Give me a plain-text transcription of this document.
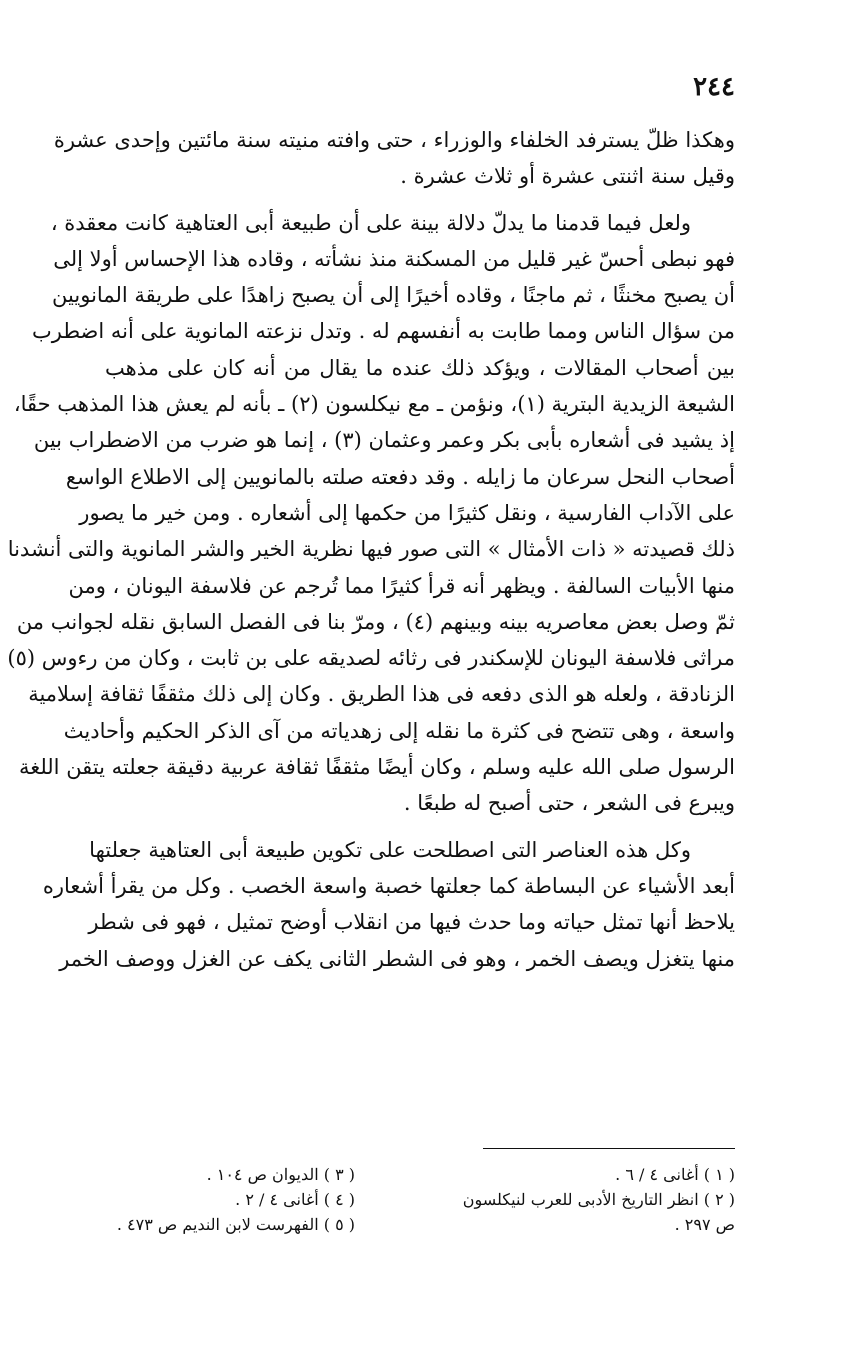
٢٤٤
وهكذا ظلّ يسترفد الخلفاء والوزراء ، حتى وافته منيته سنة مائتين وإحدى عشرة
وقيل سنة اثنتى عشرة أو ثلاث عشرة .
ولعل فيما قدمنا ما يدلّ دلالة بينة على أن طبيعة أبى العتاهية كانت معقدة ،
فهو نبطى أحسّ غير قليل من المسكنة منذ نشأته ، وقاده هذا الإحساس أولا إلى
أن يصبح مخنثًا ، ثم ماجنًا ، وقاده أخيرًا إلى أن يصبح زاهدًا على طريقة المانويين
من سؤال الناس ومما طابت به أنفسهم له . وتدل نزعته المانوية على أنه اضطرب
بين أصحاب المقالات ، ويؤكد ذلك عنده ما يقال من أنه كان على مذهب
الشيعة الزيدية البترية (١)، ونؤمن ـ مع نيكلسون (٢) ـ بأنه لم يعش هذا المذهب حقًا،
إذ يشيد فى أشعاره بأبى بكر وعمر وعثمان (٣) ، إنما هو ضرب من الاضطراب بين
أصحاب النحل سرعان ما زايله . وقد دفعته صلته بالمانويين إلى الاطلاع الواسع
على الآداب الفارسية ، ونقل كثيرًا من حكمها إلى أشعاره . ومن خير ما يصور
ذلك قصيدته « ذات الأمثال » التى صور فيها نظرية الخير والشر المانوية والتى أنشدنا
منها الأبيات السالفة . ويظهر أنه قرأ كثيرًا مما تُرجم عن فلاسفة اليونان ، ومن
ثمّ وصل بعض معاصريه بينه وبينهم (٤) ، ومرّ بنا فى الفصل السابق نقله لجوانب من
مراثى فلاسفة اليونان للإسكندر فى رثائه لصديقه على بن ثابت ، وكان من رءوس (٥)
الزنادقة ، ولعله هو الذى دفعه فى هذا الطريق . وكان إلى ذلك مثقفًا ثقافة إسلامية
واسعة ، وهى تتضح فى كثرة ما نقله إلى زهدياته من آى الذكر الحكيم وأحاديث
الرسول صلى الله عليه وسلم ، وكان أيضًا مثقفًا ثقافة عربية دقيقة جعلته يتقن اللغة
ويبرع فى الشعر ، حتى أصبح له طبعًا .
وكل هذه العناصر التى اصطلحت على تكوين طبيعة أبى العتاهية جعلتها
أبعد الأشياء عن البساطة كما جعلتها خصبة واسعة الخصب . وكل من يقرأ أشعاره
يلاحظ أنها تمثل حياته وما حدث فيها من انقلاب أوضح تمثيل ، فهو فى شطر
منها يتغزل ويصف الخمر ، وهو فى الشطر الثانى يكف عن الغزل ووصف الخمر
( ١ ) أغانى ٤ / ٦ .
( ٢ ) انظر التاريخ الأدبى للعرب لنيكلسون
ص ٢٩٧ .
( ٣ ) الديوان ص ١٠٤ .
( ٤ ) أغانى ٤ / ٢ .
( ٥ ) الفهرست لابن النديم ص ٤٧٣ .
